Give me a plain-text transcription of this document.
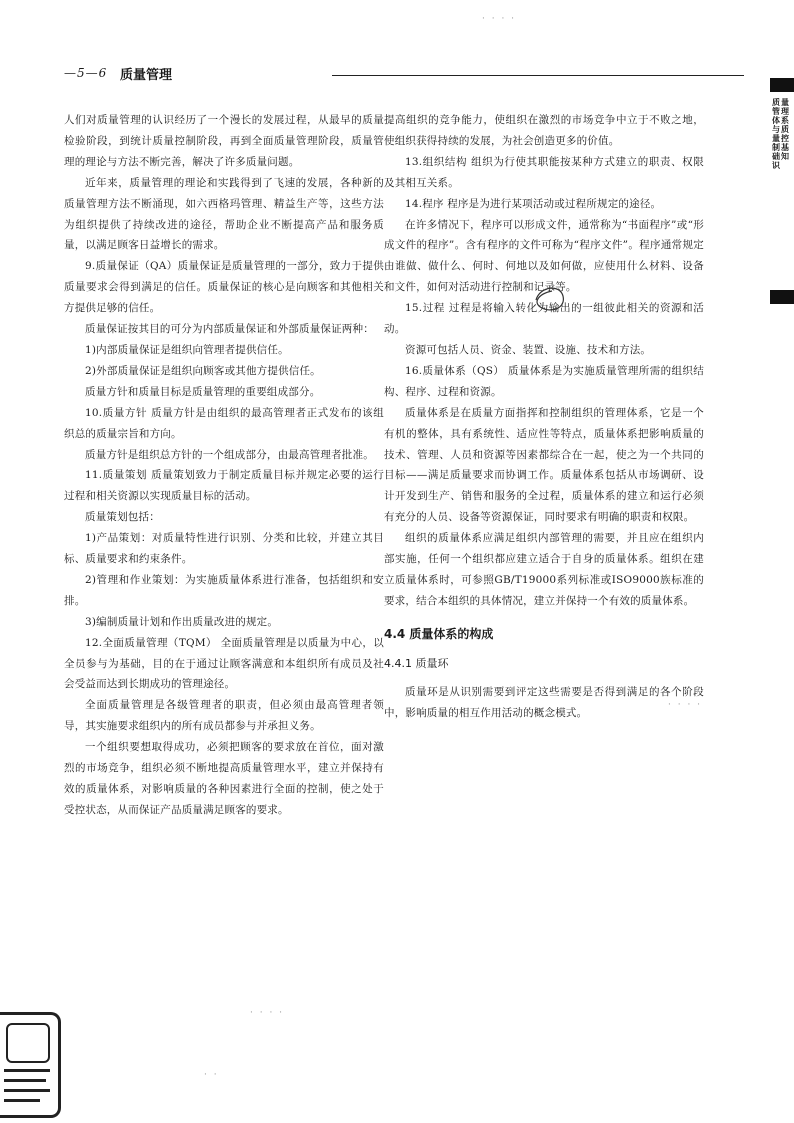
· · · ·
—5—6 质量管理
质量管理体系与质量控制基础知识

人们对质量管理的认识经历了一个漫长的发展过程，从最早的质量检验阶段，到统计质量控制阶段，再到全面质量管理阶段，质量管理的理论与方法不断完善，解决了许多质量问题。

近年来，质量管理的理论和实践得到了飞速的发展，各种新的质量管理方法不断涌现，如六西格玛管理、精益生产等，这些方法为组织提供了持续改进的途径，帮助企业不断提高产品和服务质量，以满足顾客日益增长的需求。

9.质量保证（QA）质量保证是质量管理的一部分，致力于提供质量要求会得到满足的信任。质量保证的核心是向顾客和其他相关方提供足够的信任。

质量保证按其目的可分为内部质量保证和外部质量保证两种：

1)内部质量保证是组织向管理者提供信任。

2)外部质量保证是组织向顾客或其他方提供信任。

质量方针和质量目标是质量管理的重要组成部分。

10.质量方针 质量方针是由组织的最高管理者正式发布的该组织总的质量宗旨和方向。

质量方针是组织总方针的一个组成部分，由最高管理者批准。

11.质量策划 质量策划致力于制定质量目标并规定必要的运行过程和相关资源以实现质量目标的活动。

质量策划包括：

1)产品策划：对质量特性进行识别、分类和比较，并建立其目标、质量要求和约束条件。

2)管理和作业策划：为实施质量体系进行准备，包括组织和安排。

3)编制质量计划和作出质量改进的规定。

12.全面质量管理（TQM） 全面质量管理是以质量为中心，以全员参与为基础，目的在于通过让顾客满意和本组织所有成员及社会受益而达到长期成功的管理途径。

全面质量管理是各级管理者的职责，但必须由最高管理者领导，其实施要求组织内的所有成员都参与并承担义务。

一个组织要想取得成功，必须把顾客的要求放在首位，面对激烈的市场竞争，组织必须不断地提高质量管理水平，建立并保持有效的质量体系，对影响质量的各种因素进行全面的控制，使之处于受控状态，从而保证产品质量满足顾客的要求。

提高组织的竞争能力，使组织在激烈的市场竞争中立于不败之地，使组织获得持续的发展，为社会创造更多的价值。

13.组织结构 组织为行使其职能按某种方式建立的职责、权限及其相互关系。

14.程序 程序是为进行某项活动或过程所规定的途径。

在许多情况下，程序可以形成文件，通常称为“书面程序”或“形成文件的程序”。含有程序的文件可称为“程序文件”。程序通常规定由谁做、做什么、何时、何地以及如何做，应使用什么材料、设备和文件，如何对活动进行控制和记录等。

15.过程 过程是将输入转化为输出的一组彼此相关的资源和活动。

资源可包括人员、资金、装置、设施、技术和方法。

16.质量体系（QS） 质量体系是为实施质量管理所需的组织结构、程序、过程和资源。

质量体系是在质量方面指挥和控制组织的管理体系，它是一个有机的整体，具有系统性、适应性等特点，质量体系把影响质量的技术、管理、人员和资源等因素都综合在一起，使之为一个共同的目标——满足质量要求而协调工作。质量体系包括从市场调研、设计开发到生产、销售和服务的全过程，质量体系的建立和运行必须有充分的人员、设备等资源保证，同时要求有明确的职责和权限。

组织的质量体系应满足组织内部管理的需要，并且应在组织内部实施，任何一个组织都应建立适合于自身的质量体系。组织在建立质量体系时，可参照GB/T19000系列标准或ISO9000族标准的要求，结合本组织的具体情况，建立并保持一个有效的质量体系。

4.4 质量体系的构成
4.4.1 质量环

质量环是从识别需要到评定这些需要是否得到满足的各个阶段中，影响质量的相互作用活动的概念模式。

· · · ·
· · · ·
· ·
